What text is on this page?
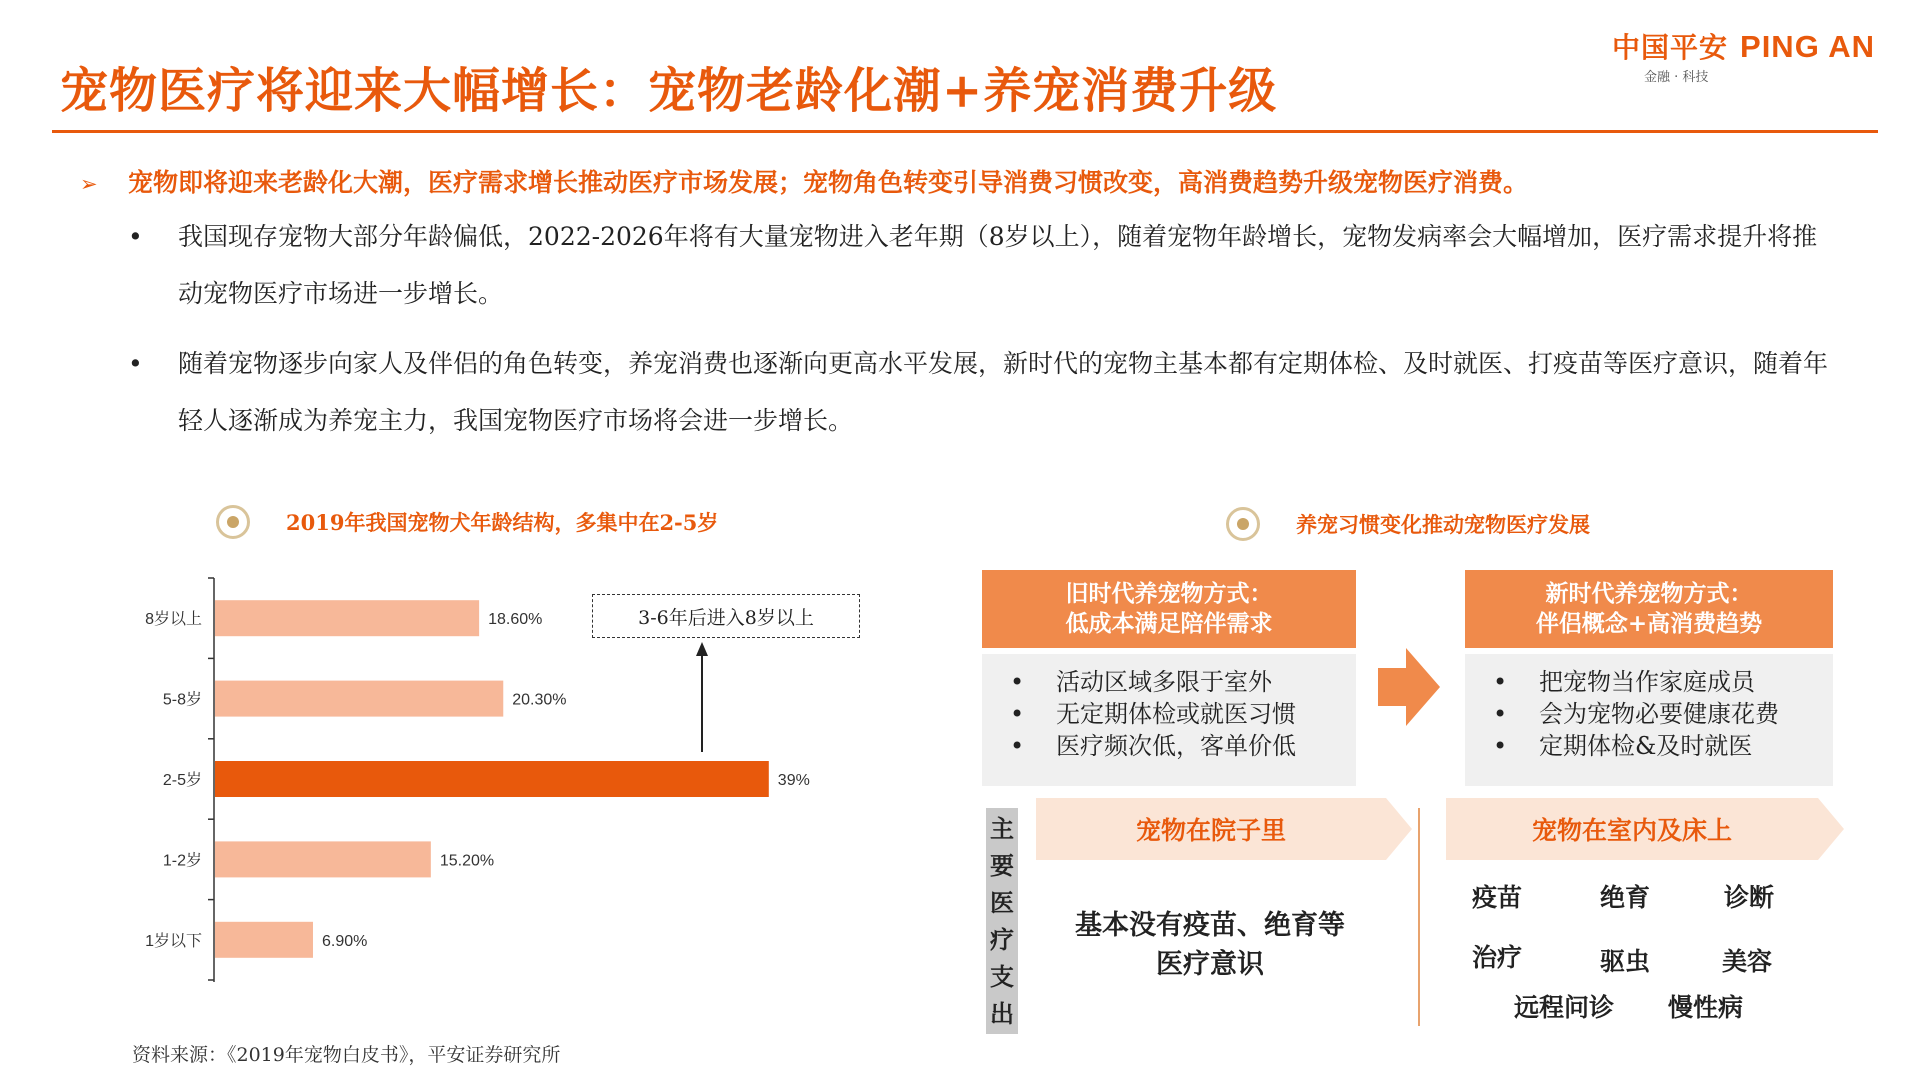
宠物医疗将迎来大幅增长：宠物老龄化潮+养宠消费升级
中国平安 PING AN
金融 · 科技
➢ 宠物即将迎来老龄化大潮，医疗需求增长推动医疗市场发展；宠物角色转变引导消费习惯改变，高消费趋势升级宠物医疗消费。
•	我国现存宠物大部分年龄偏低，2022-2026年将有大量宠物进入老年期（8岁以上），随着宠物年龄增长，宠物发病率会大幅增加，医疗需求提升将推动宠物医疗市场进一步增长。
•	随着宠物逐步向家人及伴侣的角色转变，养宠消费也逐渐向更高水平发展，新时代的宠物主基本都有定期体检、及时就医、打疫苗等医疗意识，随着年轻人逐渐成为养宠主力，我国宠物医疗市场将会进一步增长。
2019年我国宠物犬年龄结构，多集中在2-5岁
8岁以上	18.60%
5-8岁	20.30%
2-5岁	39%
1-2岁	15.20%
1岁以下	6.90%
3-6年后进入8岁以上
养宠习惯变化推动宠物医疗发展
旧时代养宠物方式：
低成本满足陪伴需求
• 活动区域多限于室外
• 无定期体检或就医习惯
• 医疗频次低，客单价低
新时代养宠物方式：
伴侣概念+高消费趋势
• 把宠物当作家庭成员
• 会为宠物必要健康花费
• 定期体检&及时就医
主
要
医
疗
支
出
宠物在院子里	宠物在室内及床上
基本没有疫苗、绝育等
医疗意识
疫苗	绝育	诊断
治疗	驱虫	美容
远程问诊 慢性病
资料来源：《2019年宠物白皮书》，平安证券研究所
